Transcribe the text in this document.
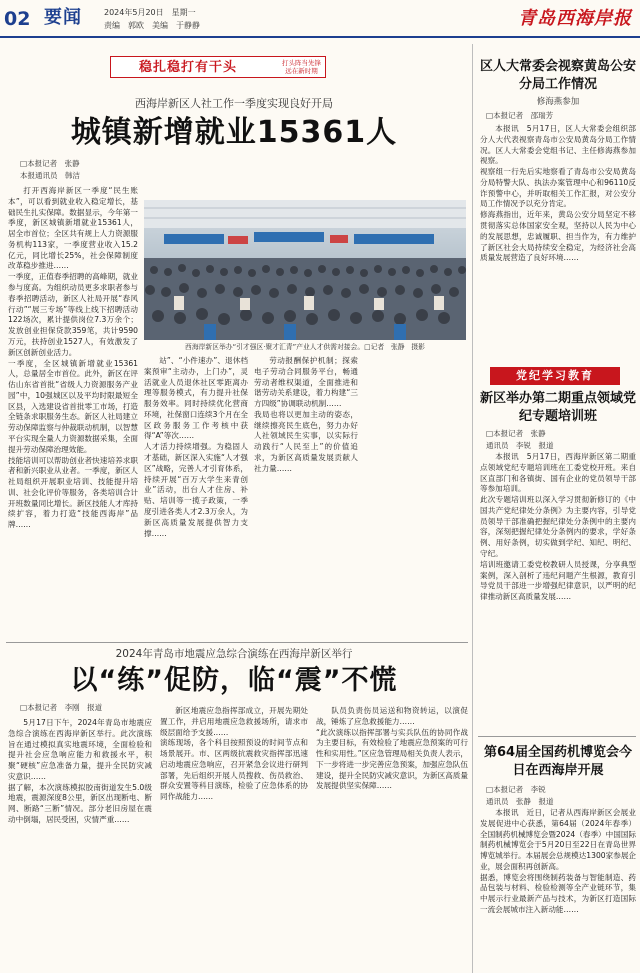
02 要闻	2024年5月20日 星期一
责编 郭欧 美编 于静静	青岛西海岸报
稳扎稳打有干头	打头阵当先锋
远在新时期
西海岸新区人社工作一季度实现良好开局
城镇新增就业15361人
□本报记者　张静
本报通讯员　韩洁
打开西海岸新区一季度“民生账本”，可以看到就业收入稳定增长，基础民生扎实保障。数据显示，今年第一季度，新区城镇新增就业15361人，居全市首位；全区共有规上人力资源服务机构113家，一季度营业收入15.2亿元，同比增长25%，社会保障制度改革稳步推进……
一季度，正值春季招聘的高峰期，就业参与度高。为组织动员更多求职者参与春季招聘活动，新区人社局开展“春风行动”“展三专场”等线上线下招聘活动122场次，累计提供岗位7.3万余个；发放创业担保贷款359笔，共计9590万元，扶持创业1527人，有效激发了新区创新创业活力。
一季度，全区城镇新增就业15361人，总量居全市首位。此外，新区在评估山东省首批“省级人力资源服务产业园”中，10强城区以及平均时限最短全区县，入选建设省首批零工市场，打造全链条求职服务生态。新区人社局建立劳动保障监察与仲裁联动机制，以智慧平台实现全量人力资源数据采集，全面提升劳动保障治理效能。
技能培训可以帮助创业者快速培养求职者和新兴职业从业者。一季度，新区人社局组织开展职业培训、技能提升培训、社会化评价等服务，各类培训合计开班数量同比增长。新区技能人才库持续扩容，着力打造“技能西海岸”品牌……
西海岸新区举办“引才强区·聚才汇青”产业人才供需对接会。□记者　张静　摄影
站”、“小件速办”、退休档案预审“主动办，上门办”，灵活就业人员退休社区零距离办理等服务模式，有力提升社保服务效率。同时持续优化营商环境，社保窗口连续3个月在全区政务服务工作考核中获得“A”等次……
人才活力持续增强。为稳固人才基础，新区深入实施“人才强区”战略，完善人才引育体系，持续开展“百万大学生来青创业”活动，出台人才住房、补贴、培训等一揽子政策，一季度引进各类人才2.3万余人，为新区高质量发展提供智力支撑……
劳动报酬保护机制；探索电子劳动合同服务平台，畅通劳动者维权渠道，全面推进和谐劳动关系建设，着力构建“三方四级”协调联动机制……
我局也将以更加主动的姿态，继续擦亮民生底色，努力办好人社领域民生实事，以实际行动践行“人民至上”的价值追求，为新区高质量发展贡献人社力量……

2024年青岛市地震应急综合演练在西海岸新区举行
以“练”促防，临“震”不慌
□本报记者　李刚　报道
5月17日下午，2024年青岛市地震应急综合演练在西海岸新区举行。此次演练旨在通过模拟真实地震环境，全面检验和提升社会应急响应能力和救援水平，积聚“硬核”应急准备力量，提升全民防灾减灾意识……
据了解，本次演练模拟胶南街道发生5.0级地震，震源深度8公里，新区出现断电、断网、断路“三断”情况。部分老旧房屋在震动中倒塌，居民受困，灾情严重……
新区地震应急指挥部成立，开展先期处置工作，并启用地震应急救援场所，请求市级层面给予支援……
演练现场，各个科目按照预设的时间节点和场景展开。市、区两级抗震救灾指挥部迅速启动地震应急响应，召开紧急会议进行研判部署，先后组织开展人员搜救、伤员救治、群众安置等科目演练，检验了应急体系的协同作战能力……
队员负责伤员运送和物资转运，以演促战，锤炼了应急救援能力……
“此次演练以指挥部署与实兵队伍的协同作战为主要目标，有效检验了地震应急预案的可行性和实用性。”区应急管理局相关负责人表示，下一步将进一步完善应急预案，加强应急队伍建设，提升全民防灾减灾意识，为新区高质量发展提供坚实保障……
区人大常委会视察黄岛公安分局工作情况
修海燕参加
□本报记者　邵瑞芳
本报讯　5月17日，区人大常委会组织部分人大代表视察青岛市公安局黄岛分局工作情况。区人大常委会党组书记、主任修海燕参加视察。
视察组一行先后实地察看了青岛市公安局黄岛分局特警大队、执法办案管理中心和96110反诈预警中心，并听取相关工作汇报，对公安分局工作情况予以充分肯定。
修海燕指出，近年来，黄岛公安分局坚定不移贯彻落实总体国家安全观，坚持以人民为中心的发展思想，忠诚履职、担当作为，有力维护了新区社会大局持续安全稳定，为经济社会高质量发展营造了良好环境……
党纪学习教育
新区举办第二期重点领域党纪专题培训班
□本报记者　张静
通讯员　李锐　报道
本报讯　5月17日，西海岸新区第二期重点领域党纪专题培训班在工委党校开班。来自区直部门和各镇街、国有企业的党员领导干部等参加培训。
此次专题培训班以深入学习贯彻新修订的《中国共产党纪律处分条例》为主要内容，引导党员领导干部准确把握纪律处分条例中的主要内容，深刻把握纪律处分条例内的要求，学好条例、用好条例，切实做到学纪、知纪、明纪、守纪。
培训班邀请工委党校教研人员授课，分享典型案例，深入剖析了违纪问题产生根源，教育引导党员干部进一步增强纪律意识，以严明的纪律推动新区高质量发展……
第64届全国药机博览会今日在西海岸开展
□本报记者　李锐
通讯员　张静　报道
本报讯　近日，记者从西海岸新区会展业发展促进中心获悉，第64届（2024年春季）全国制药机械博览会暨2024（春季）中国国际制药机械博览会于5月20日至22日在青岛世界博览城举行。本届展会总规模达1300家参展企业，展会面积再创新高。
据悉，博览会将围绕制药装备与智能制造、药品包装与材料、检验检测等全产业链环节，集中展示行业最新产品与技术，为新区打造国际一流会展城市注入新动能……
